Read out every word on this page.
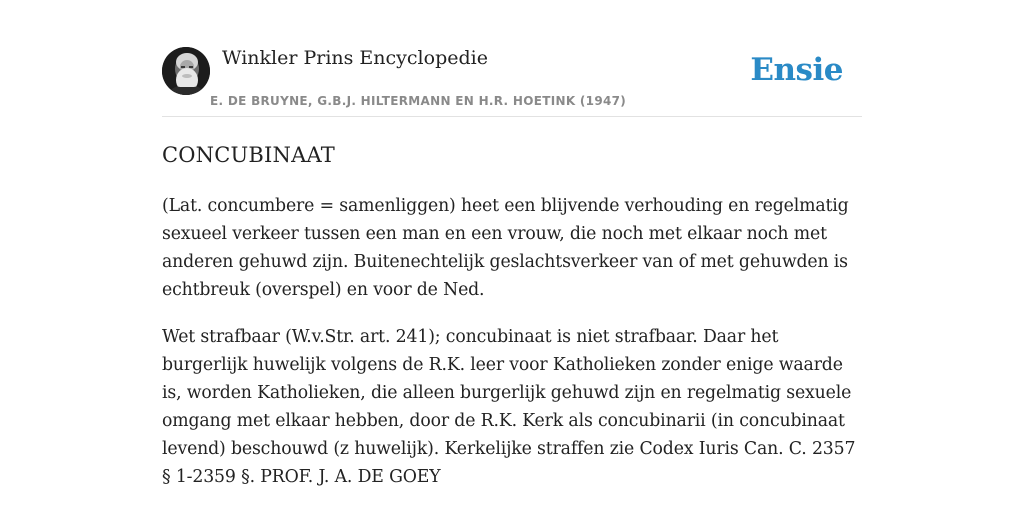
Winkler Prins Encyclopedie
E. DE BRUYNE, G.B.J. HILTERMANN EN H.R. HOETINK (1947)
Ensie
CONCUBINAAT

(Lat. concumbere = samenliggen) heet een blijvende verhouding en regelmatig sexueel verkeer tussen een man en een vrouw, die noch met elkaar noch met anderen gehuwd zijn. Buitenechtelijk geslachtsverkeer van of met gehuwden is echtbreuk (overspel) en voor de Ned.

Wet strafbaar (W.v.Str. art. 241); concubinaat is niet strafbaar. Daar het burgerlijk huwelijk volgens de R.K. leer voor Katholieken zonder enige waarde is, worden Katholieken, die alleen burgerlijk gehuwd zijn en regelmatig sexuele omgang met elkaar hebben, door de R.K. Kerk als concubinarii (in concubinaat levend) beschouwd (z huwelijk). Kerkelijke straffen zie Codex Iuris Can. C. 2357 § 1-2359 §. PROF. J. A. DE GOEY
